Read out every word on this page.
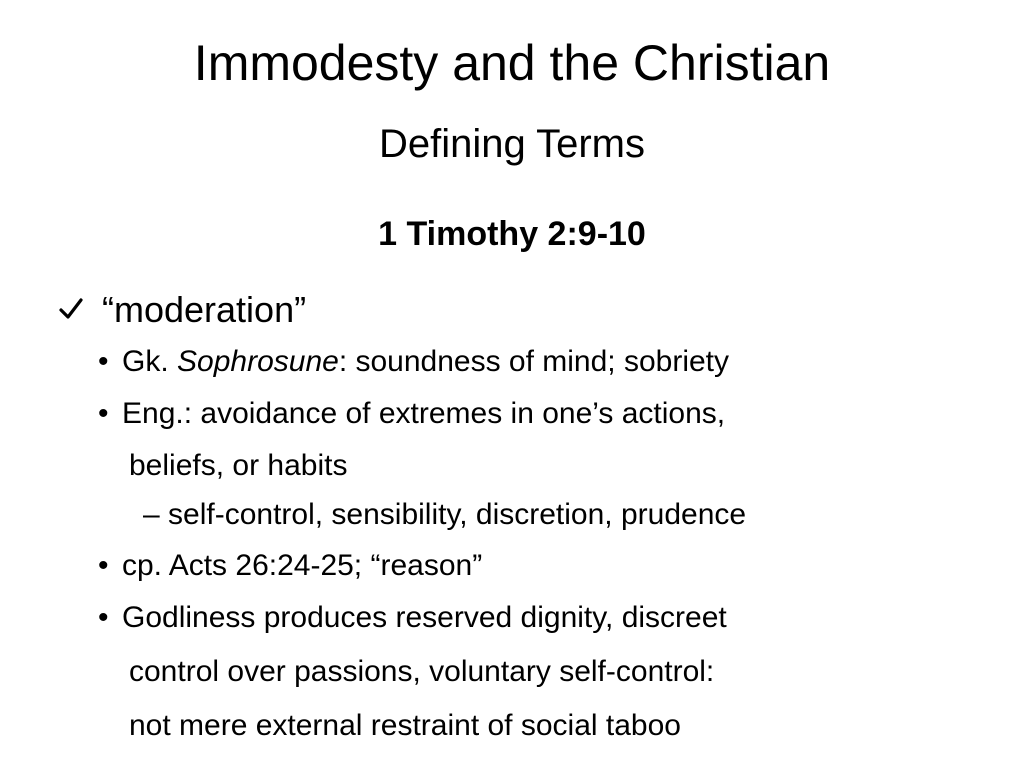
Immodesty and the Christian
Defining Terms
1 Timothy 2:9-10
“moderation”
• Gk. Sophrosune: soundness of mind; sobriety
• Eng.: avoidance of extremes in one’s actions,
beliefs, or habits
– self-control, sensibility, discretion, prudence
• cp. Acts 26:24-25; “reason”
• Godliness produces reserved dignity, discreet
control over passions, voluntary self-control:
not mere external restraint of social taboo
